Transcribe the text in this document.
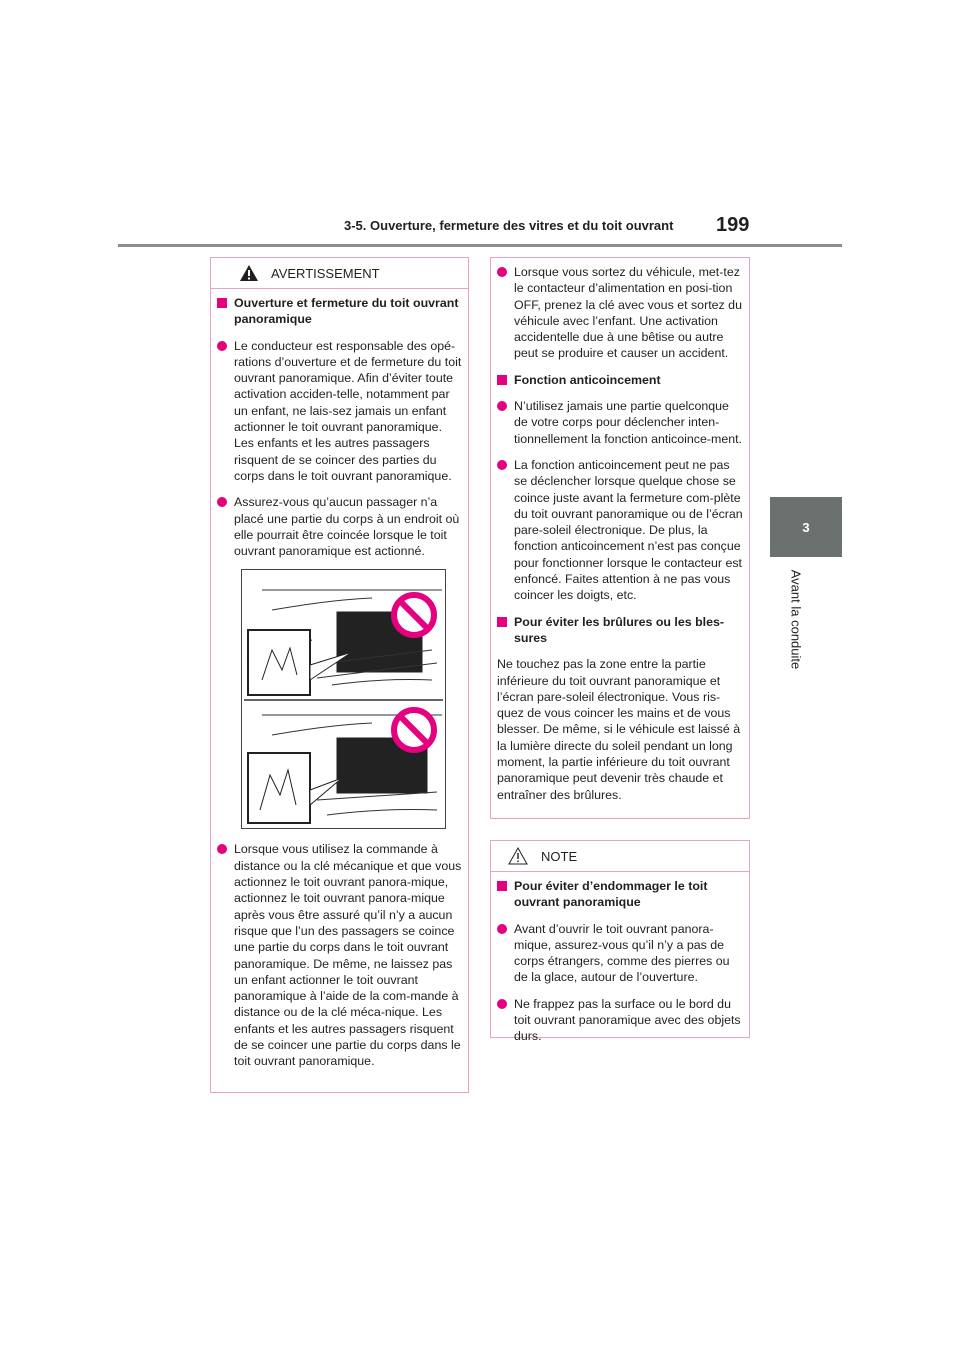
3-5. Ouverture, fermeture des vitres et du toit ouvrant	199
3
Avant la conduite
AVERTISSEMENT

Ouverture et fermeture du toit ouvrant panoramique

Le conducteur est responsable des opé-rations d’ouverture et de fermeture du toit ouvrant panoramique. Afin d’éviter toute activation acciden-telle, notamment par un enfant, ne lais-sez jamais un enfant actionner le toit ouvrant panoramique. Les enfants et les autres passagers risquent de se coincer des parties du corps dans le toit ouvrant panoramique.

Assurez-vous qu’aucun passager n’a placé une partie du corps à un endroit où elle pourrait être coincée lorsque le toit ouvrant panoramique est actionné.

Lorsque vous utilisez la commande à distance ou la clé mécanique et que vous actionnez le toit ouvrant panora-mique, actionnez le toit ouvrant panora-mique après vous être assuré qu’il n’y a aucun risque que l’un des passagers se coince une partie du corps dans le toit ouvrant panoramique. De même, ne laissez pas un enfant actionner le toit ouvrant panoramique à l’aide de la com-mande à distance ou de la clé méca-nique. Les enfants et les autres passagers risquent de se coincer une partie du corps dans le toit ouvrant panoramique.

Lorsque vous sortez du véhicule, met-tez le contacteur d’alimentation en posi-tion OFF, prenez la clé avec vous et sortez du véhicule avec l’enfant. Une activation accidentelle due à une bêtise ou autre peut se produire et causer un accident.

Fonction anticoincement

N’utilisez jamais une partie quelconque de votre corps pour déclencher inten-tionnellement la fonction anticoince-ment.

La fonction anticoincement peut ne pas se déclencher lorsque quelque chose se coince juste avant la fermeture com-plète du toit ouvrant panoramique ou de l’écran pare-soleil électronique. De plus, la fonction anticoincement n’est pas conçue pour fonctionner lorsque le contacteur est enfoncé. Faites attention à ne pas vous coincer les doigts, etc.

Pour éviter les brûlures ou les bles-sures

Ne touchez pas la zone entre la partie inférieure du toit ouvrant panoramique et l’écran pare-soleil électronique. Vous ris-quez de vous coincer les mains et de vous blesser. De même, si le véhicule est laissé à la lumière directe du soleil pendant un long moment, la partie inférieure du toit ouvrant panoramique peut devenir très chaude et entraîner des brûlures.

NOTE

Pour éviter d’endommager le toit ouvrant panoramique

Avant d’ouvrir le toit ouvrant panora-mique, assurez-vous qu’il n’y a pas de corps étrangers, comme des pierres ou de la glace, autour de l’ouverture.

Ne frappez pas la surface ou le bord du toit ouvrant panoramique avec des objets durs.
